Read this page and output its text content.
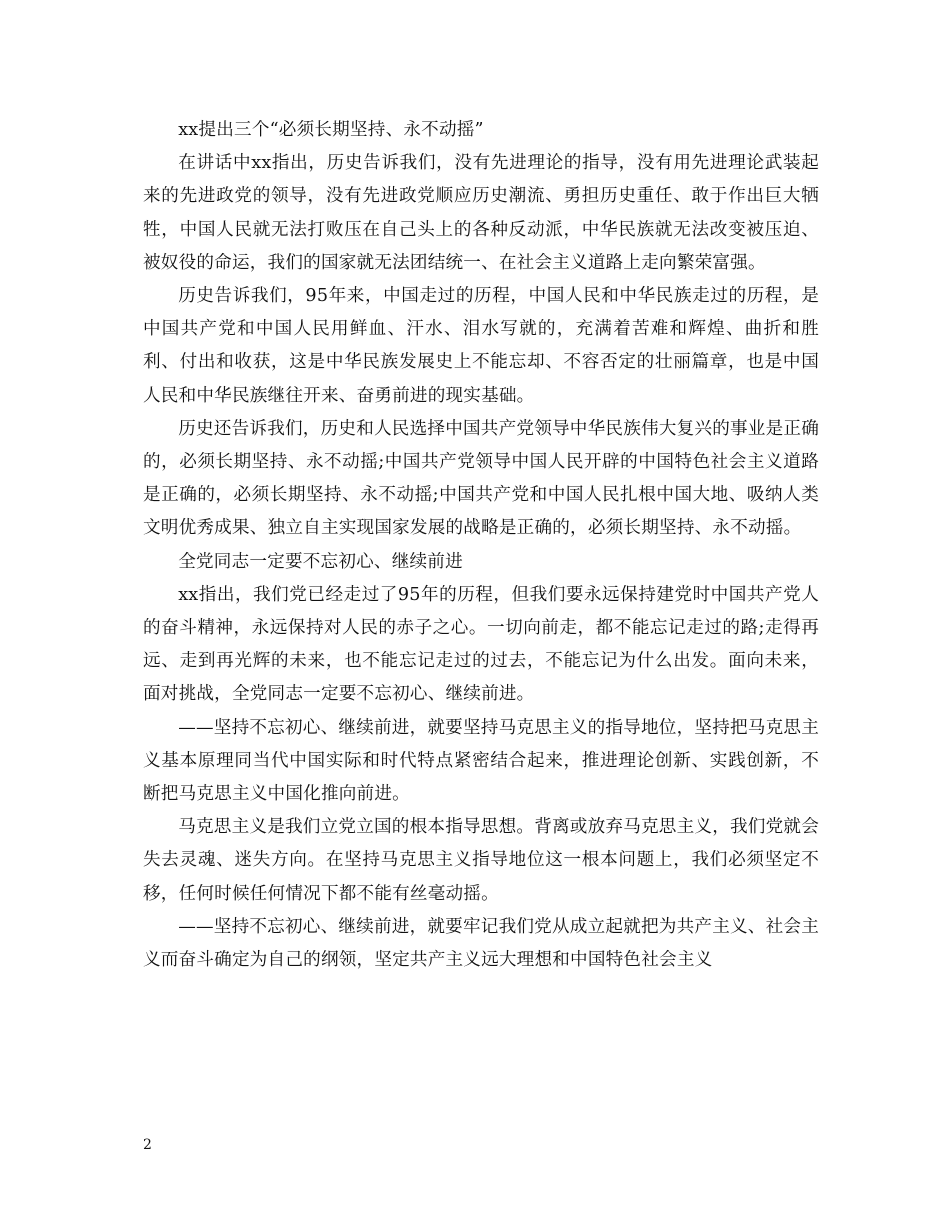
xx提出三个“必须长期坚持、永不动摇”

在讲话中xx指出，历史告诉我们，没有先进理论的指导，没有用先进理论武装起来的先进政党的领导，没有先进政党顺应历史潮流、勇担历史重任、敢于作出巨大牺牲，中国人民就无法打败压在自己头上的各种反动派，中华民族就无法改变被压迫、被奴役的命运，我们的国家就无法团结统一、在社会主义道路上走向繁荣富强。

历史告诉我们，95年来，中国走过的历程，中国人民和中华民族走过的历程，是中国共产党和中国人民用鲜血、汗水、泪水写就的，充满着苦难和辉煌、曲折和胜利、付出和收获，这是中华民族发展史上不能忘却、不容否定的壮丽篇章，也是中国人民和中华民族继往开来、奋勇前进的现实基础。

历史还告诉我们，历史和人民选择中国共产党领导中华民族伟大复兴的事业是正确的，必须长期坚持、永不动摇;中国共产党领导中国人民开辟的中国特色社会主义道路是正确的，必须长期坚持、永不动摇;中国共产党和中国人民扎根中国大地、吸纳人类文明优秀成果、独立自主实现国家发展的战略是正确的，必须长期坚持、永不动摇。

全党同志一定要不忘初心、继续前进

xx指出，我们党已经走过了95年的历程，但我们要永远保持建党时中国共产党人的奋斗精神，永远保持对人民的赤子之心。一切向前走，都不能忘记走过的路;走得再远、走到再光辉的未来，也不能忘记走过的过去，不能忘记为什么出发。面向未来，面对挑战，全党同志一定要不忘初心、继续前进。

——坚持不忘初心、继续前进，就要坚持马克思主义的指导地位，坚持把马克思主义基本原理同当代中国实际和时代特点紧密结合起来，推进理论创新、实践创新，不断把马克思主义中国化推向前进。

马克思主义是我们立党立国的根本指导思想。背离或放弃马克思主义，我们党就会失去灵魂、迷失方向。在坚持马克思主义指导地位这一根本问题上，我们必须坚定不移，任何时候任何情况下都不能有丝毫动摇。

——坚持不忘初心、继续前进，就要牢记我们党从成立起就把为共产主义、社会主义而奋斗确定为自己的纲领，坚定共产主义远大理想和中国特色社会主义

2
